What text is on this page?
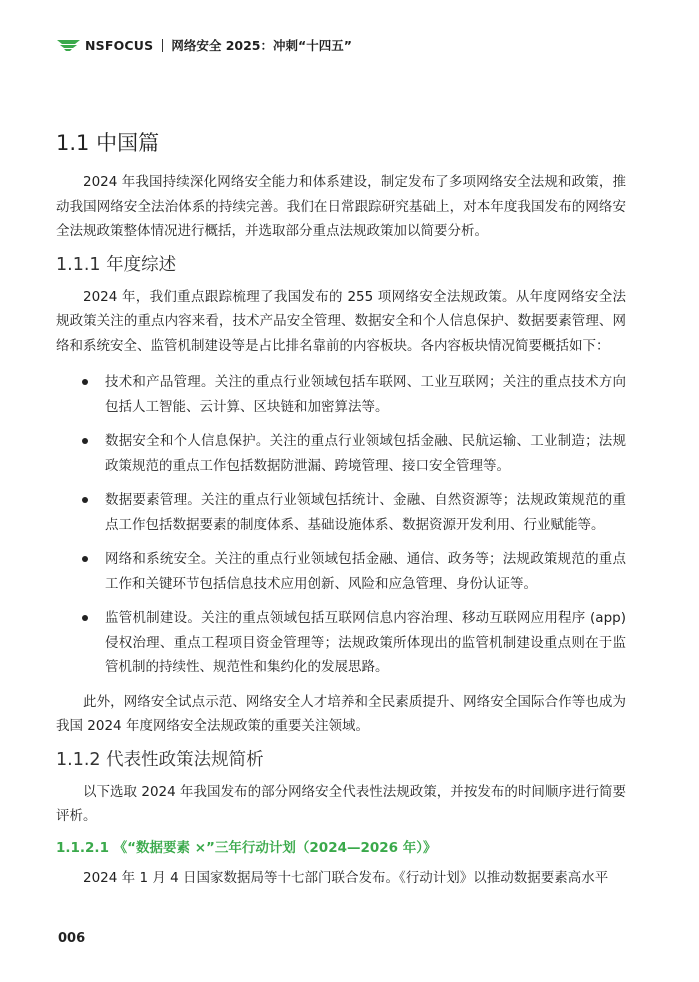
NSFOCUS 网络安全 2025：冲刺“十四五”
1.1 中国篇

2024 年我国持续深化网络安全能力和体系建设，制定发布了多项网络安全法规和政策，推动我国网络安全法治体系的持续完善。我们在日常跟踪研究基础上，对本年度我国发布的网络安全法规政策整体情况进行概括，并选取部分重点法规政策加以简要分析。

1.1.1 年度综述

2024 年，我们重点跟踪梳理了我国发布的 255 项网络安全法规政策。从年度网络安全法规政策关注的重点内容来看，技术产品安全管理、数据安全和个人信息保护、数据要素管理、网络和系统安全、监管机制建设等是占比排名靠前的内容板块。各内容板块情况简要概括如下：

技术和产品管理。关注的重点行业领域包括车联网、工业互联网；关注的重点技术方向包括人工智能、云计算、区块链和加密算法等。
数据安全和个人信息保护。关注的重点行业领域包括金融、民航运输、工业制造；法规政策规范的重点工作包括数据防泄漏、跨境管理、接口安全管理等。
数据要素管理。关注的重点行业领域包括统计、金融、自然资源等；法规政策规范的重点工作包括数据要素的制度体系、基础设施体系、数据资源开发利用、行业赋能等。
网络和系统安全。关注的重点行业领域包括金融、通信、政务等；法规政策规范的重点工作和关键环节包括信息技术应用创新、风险和应急管理、身份认证等。
监管机制建设。关注的重点领域包括互联网信息内容治理、移动互联网应用程序 (app) 侵权治理、重点工程项目资金管理等；法规政策所体现出的监管机制建设重点则在于监管机制的持续性、规范性和集约化的发展思路。

此外，网络安全试点示范、网络安全人才培养和全民素质提升、网络安全国际合作等也成为我国 2024 年度网络安全法规政策的重要关注领域。

1.1.2 代表性政策法规简析

以下选取 2024 年我国发布的部分网络安全代表性法规政策，并按发布的时间顺序进行简要评析。

1.1.2.1 《“数据要素 ×”三年行动计划（2024—2026 年）》

2024 年 1 月 4 日国家数据局等十七部门联合发布。《行动计划》以推动数据要素高水平

006
